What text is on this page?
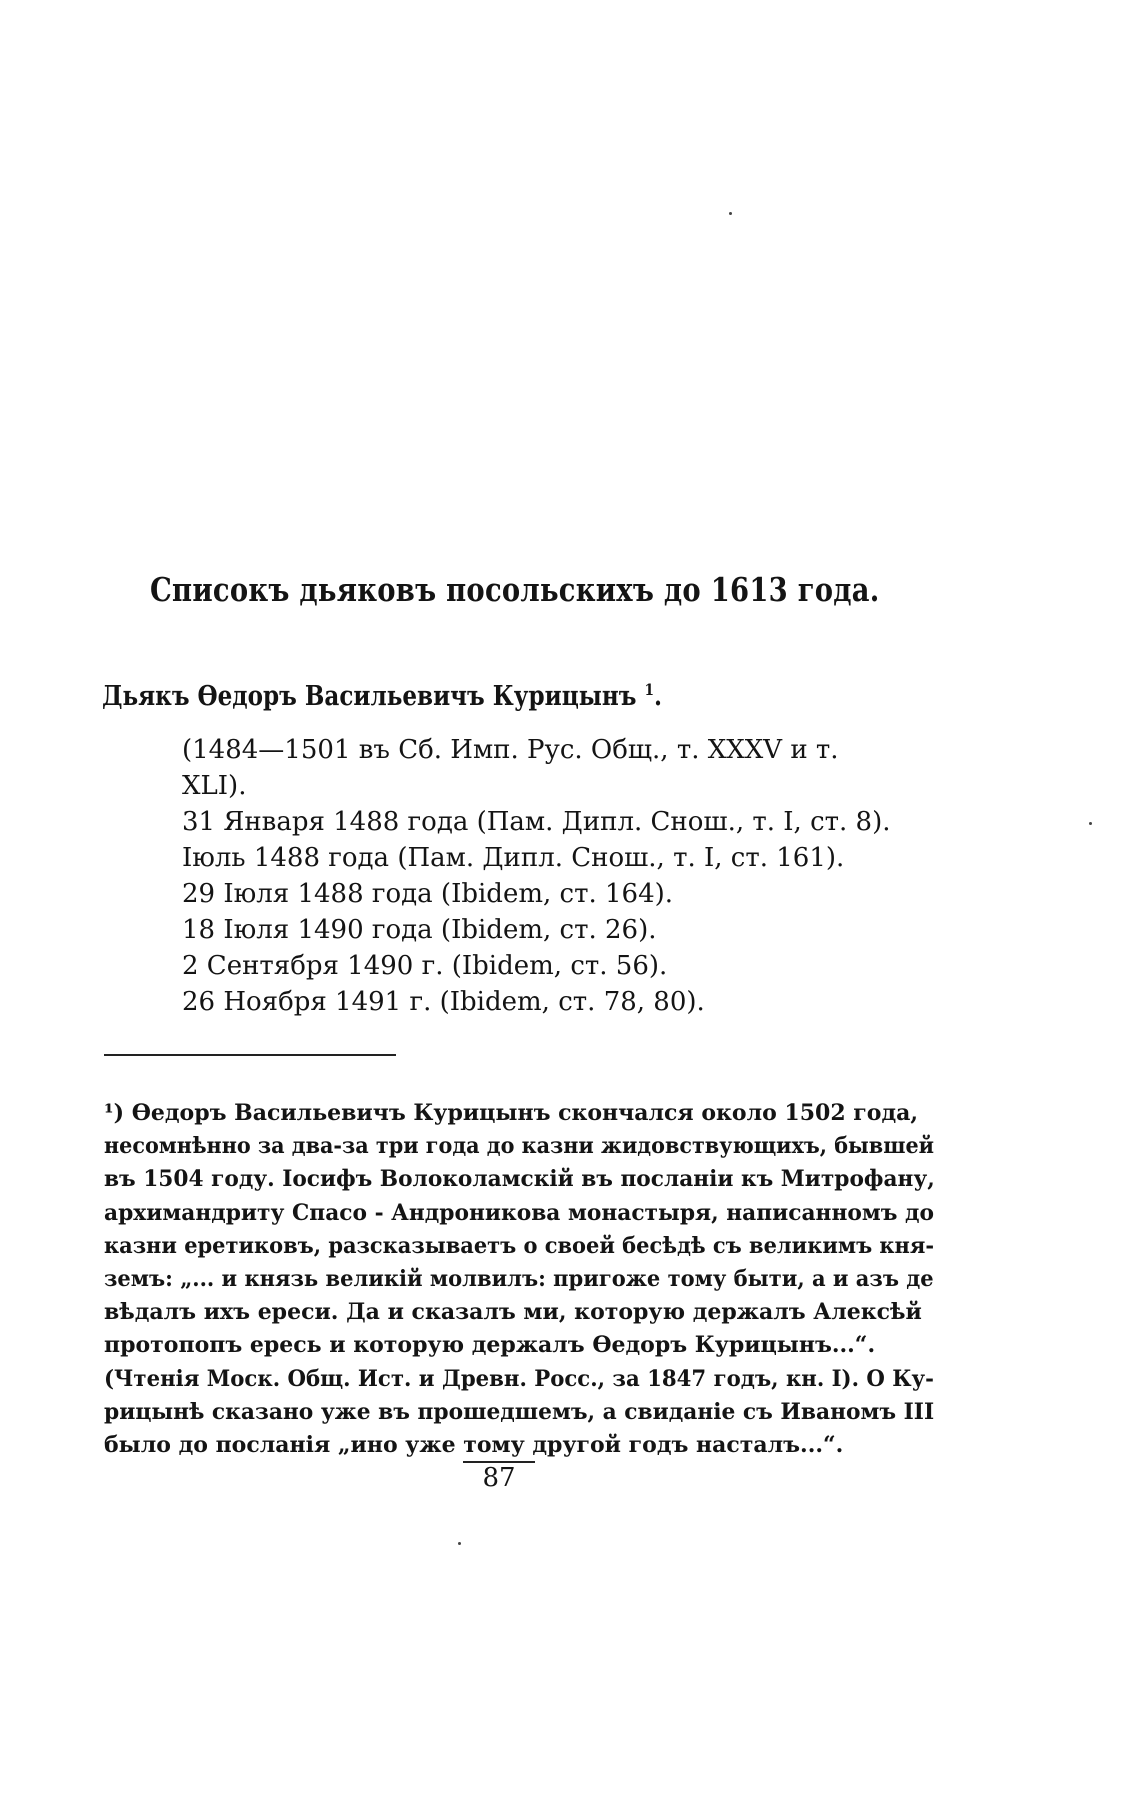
Списокъ дьяковъ посольскихъ до 1613 года.
Дьякъ Өедоръ Васильевичъ Курицынъ $^1$.
(1484—1501 въ Сб. Имп. Рус. Общ., т. XXXV и т. XLI).
31 Января 1488 года (Пам. Дипл. Снош., т. I, ст. 8).
Іюль 1488 года (Пам. Дипл. Снош., т. I, ст. 161).
29 Іюля 1488 года (Ibidem, ст. 164).
18 Іюля 1490 года (Ibidem, ст. 26).
2 Сентября 1490 г. (Ibidem, ст. 56).
26 Ноября 1491 г. (Ibidem, ст. 78, 80).
¹) Өедоръ Васильевичъ Курицынъ скончался около 1502 года,
несомнѣнно за два-за три года до казни жидовствующихъ, бывшей
въ 1504 году. Іосифъ Волоколамскій въ посланіи къ Митрофану,
архимандриту Спасо - Андроникова монастыря, написанномъ до
казни еретиковъ, разсказываетъ о своей бесѣдѣ съ великимъ кня-
земъ: „... и князь великій молвилъ: пригоже тому быти, а и азъ де
вѣдалъ ихъ ереси. Да и сказалъ ми, которую держалъ Алексѣй
протопопъ ересь и которую держалъ Өедоръ Курицынъ...“.
(Чтенія Моск. Общ. Ист. и Древн. Росс., за 1847 годъ, кн. I). О Ку-
рицынѣ сказано уже въ прошедшемъ, а свиданіе съ Иваномъ III
было до посланія „ино уже тому другой годъ насталъ...“.
87
